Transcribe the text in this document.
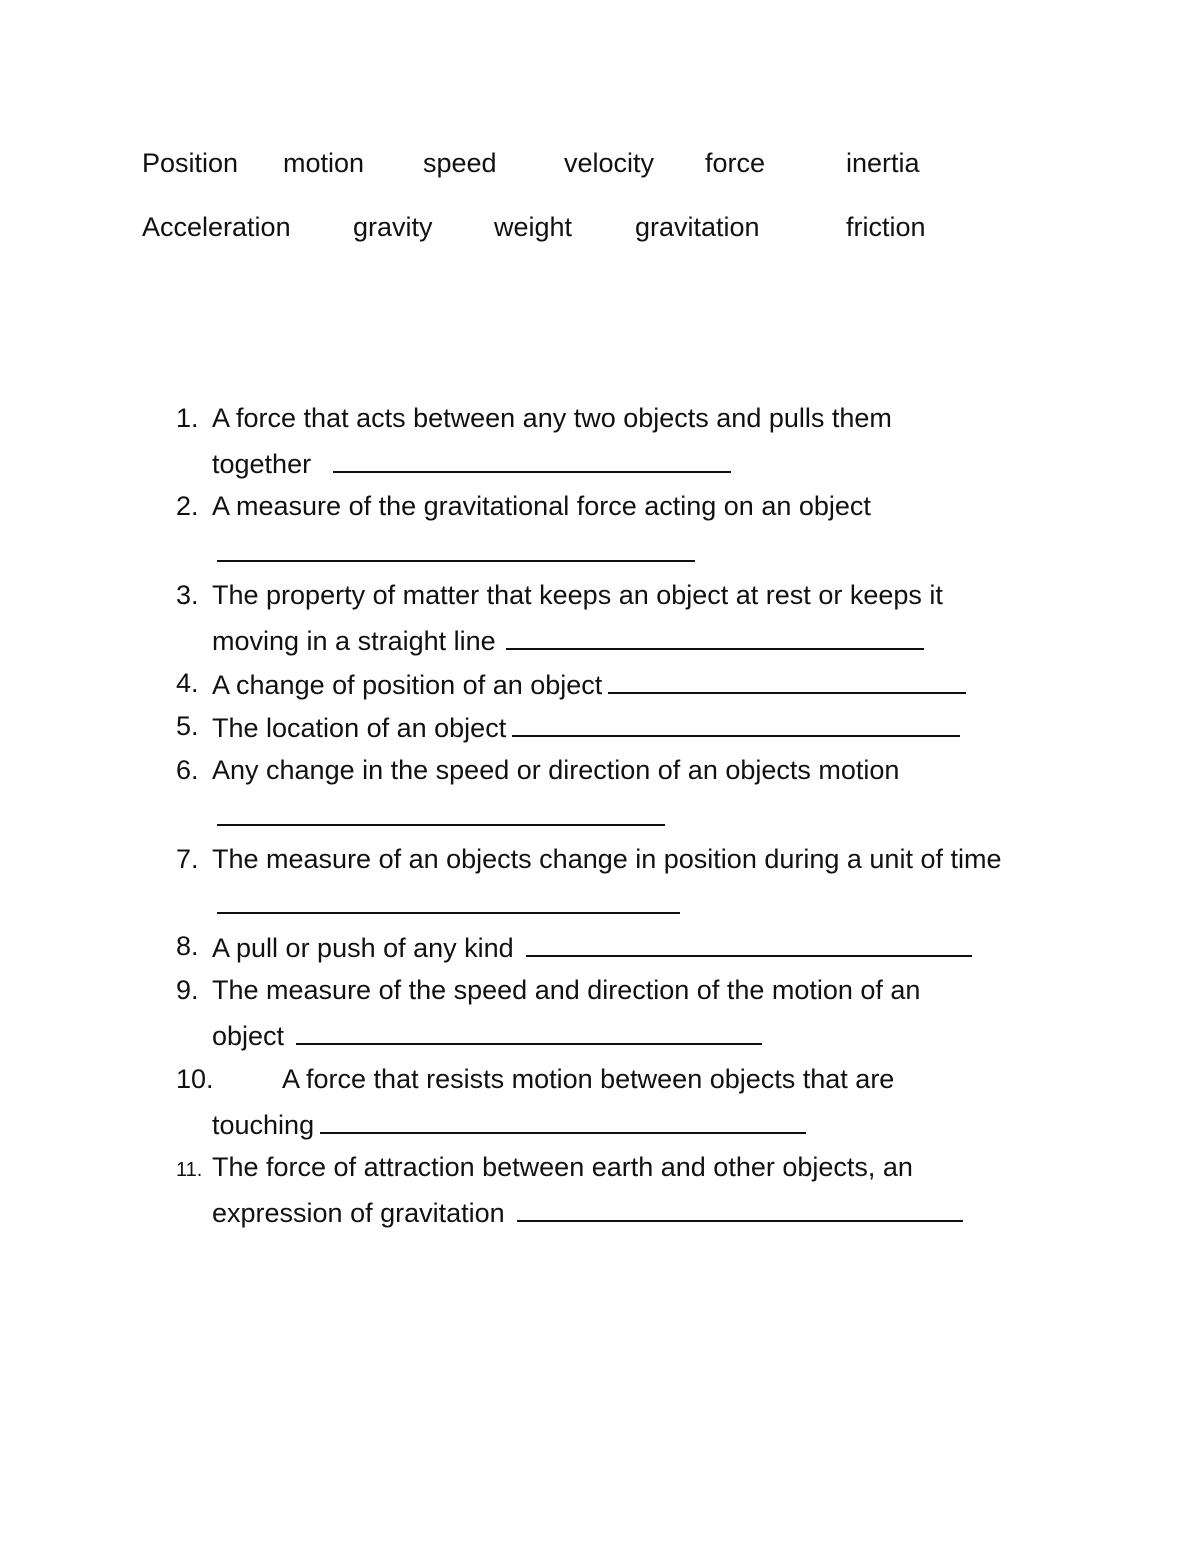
Position motion speed velocity force	inertia
Acceleration gravity weight gravitation	friction
1. A force that acts between any two objects and pulls them
together
2. A measure of the gravitational force acting on an object
3. The property of matter that keeps an object at rest or keeps it
moving in a straight line
4. A change of position of an object
5. The location of an object
6. Any change in the speed or direction of an objects motion
7. The measure of an objects change in position during a unit of time
8. A pull or push of any kind
9. The measure of the speed and direction of the motion of an
object
10.	A force that resists motion between objects that are
touching
11. The force of attraction between earth and other objects, an
expression of gravitation
